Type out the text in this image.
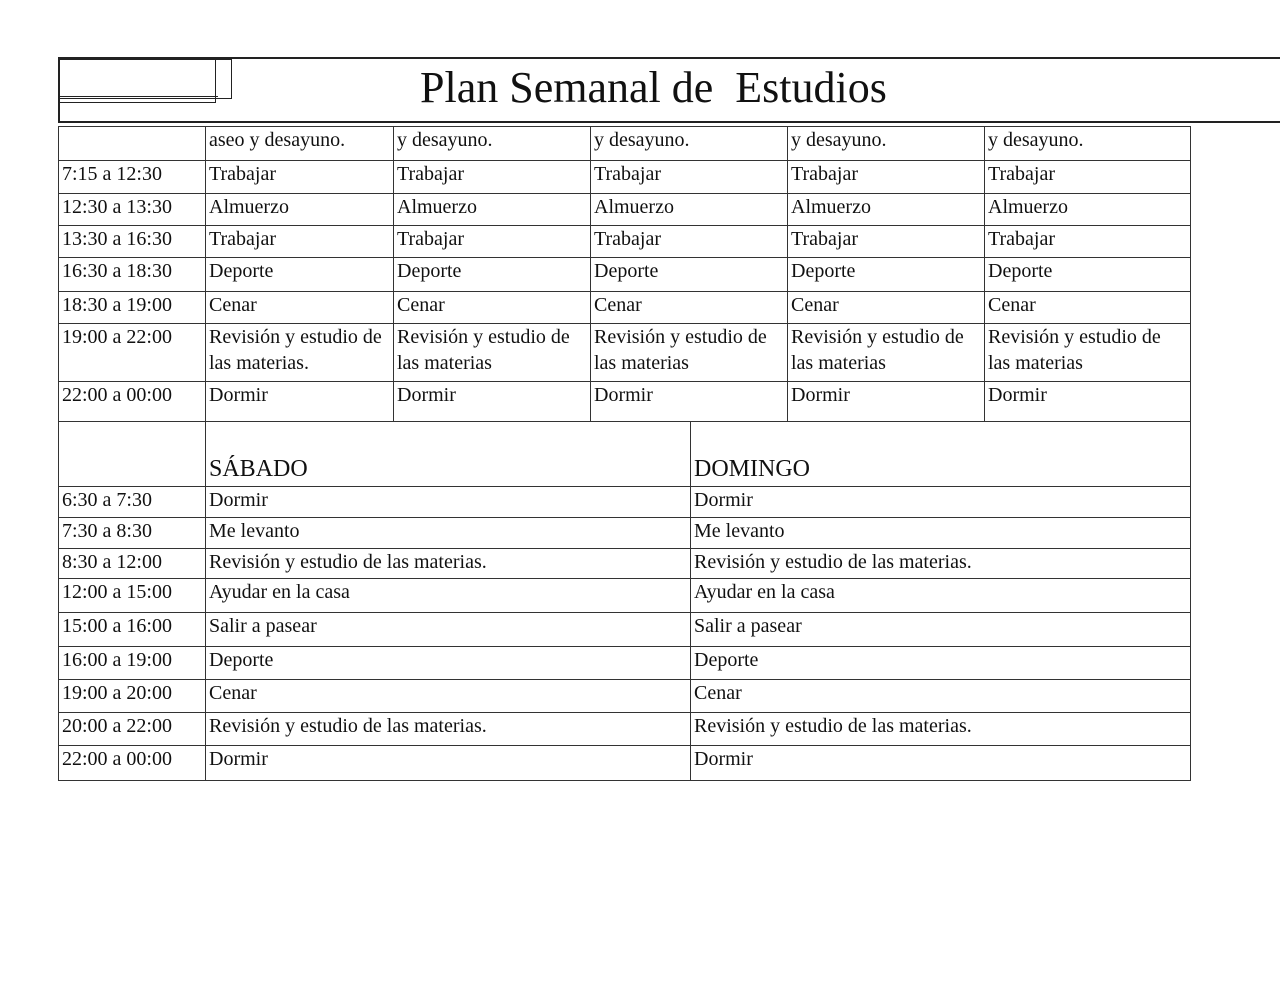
Plan Semanal de  Estudios
	aseo y desayuno.	y desayuno.	y desayuno.	y desayuno.	y desayuno.
7:15 a 12:30	Trabajar	Trabajar	Trabajar	Trabajar	Trabajar
12:30 a 13:30	Almuerzo	Almuerzo	Almuerzo	Almuerzo	Almuerzo
13:30 a 16:30	Trabajar	Trabajar	Trabajar	Trabajar	Trabajar
16:30 a 18:30	Deporte	Deporte	Deporte	Deporte	Deporte
18:30 a 19:00	Cenar	Cenar	Cenar	Cenar	Cenar
19:00 a 22:00	Revisión y estudio de las materias.	Revisión y estudio de las materias	Revisión y estudio de las materias	Revisión y estudio de las materias	Revisión y estudio de las materias
22:00 a 00:00	Dormir	Dormir	Dormir	Dormir	Dormir
	SÁBADO	DOMINGO
6:30 a 7:30	Dormir	Dormir
7:30 a 8:30	Me levanto	Me levanto
8:30 a 12:00	Revisión y estudio de las materias.	Revisión y estudio de las materias.
12:00 a 15:00	Ayudar en la casa	Ayudar en la casa
15:00 a 16:00	Salir a pasear	Salir a pasear
16:00 a 19:00	Deporte	Deporte
19:00 a 20:00	Cenar	Cenar
20:00 a 22:00	Revisión y estudio de las materias.	Revisión y estudio de las materias.
22:00 a 00:00	Dormir	Dormir
